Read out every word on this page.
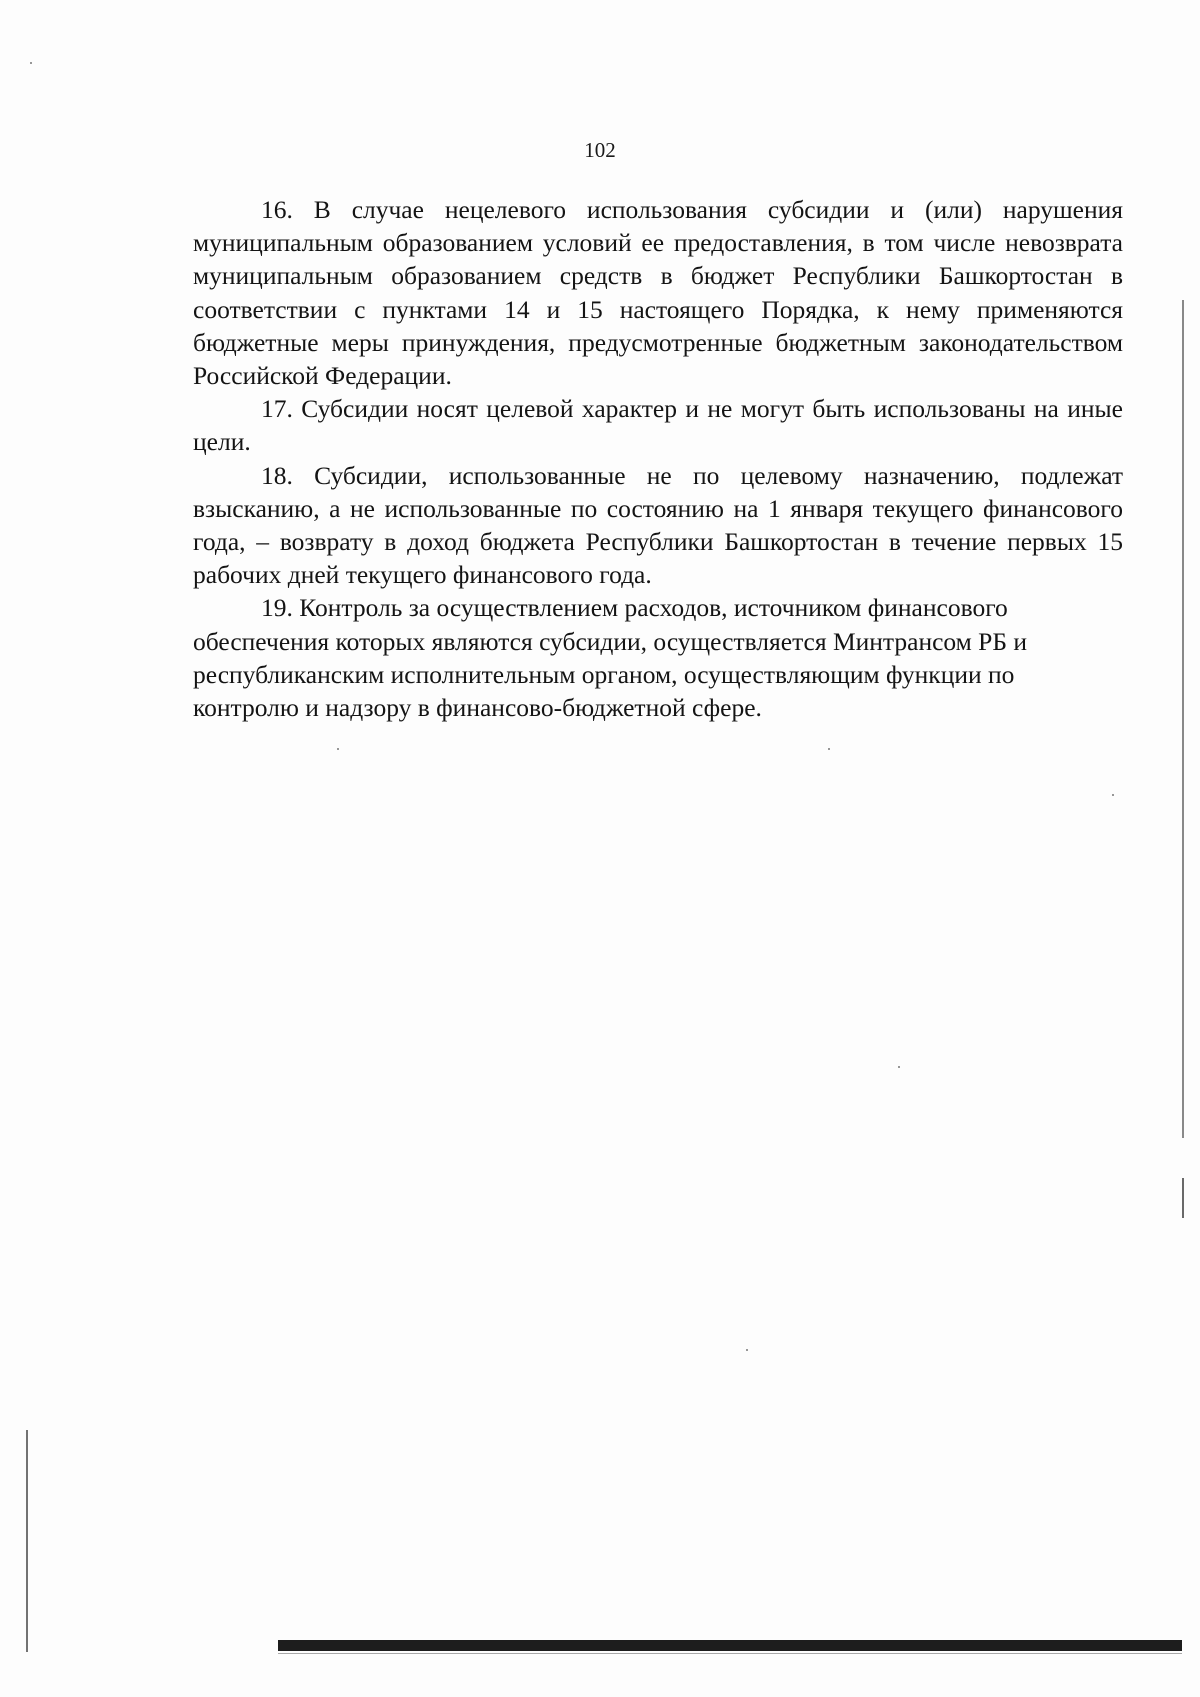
102

16. В случае нецелевого использования субсидии и (или) нарушения муниципальным образованием условий ее предоставления, в том числе невозврата муниципальным образованием средств в бюджет Республики Башкортостан в соответствии с пунктами 14 и 15 настоящего Порядка, к нему применяются бюджетные меры принуждения, предусмотренные бюджетным законодательством Российской Федерации.

17. Субсидии носят целевой характер и не могут быть использованы на иные цели.

18. Субсидии, использованные не по целевому назначению, подлежат взысканию, а не использованные по состоянию на 1 января текущего финансового года, – возврату в доход бюджета Республики Башкортостан в течение первых 15 рабочих дней текущего финансового года.

19. Контроль за осуществлением расходов, источником финансового обеспечения которых являются субсидии, осуществляется Минтрансом РБ и республиканским исполнительным органом, осуществляющим функции по контролю и надзору в финансово-бюджетной сфере.
